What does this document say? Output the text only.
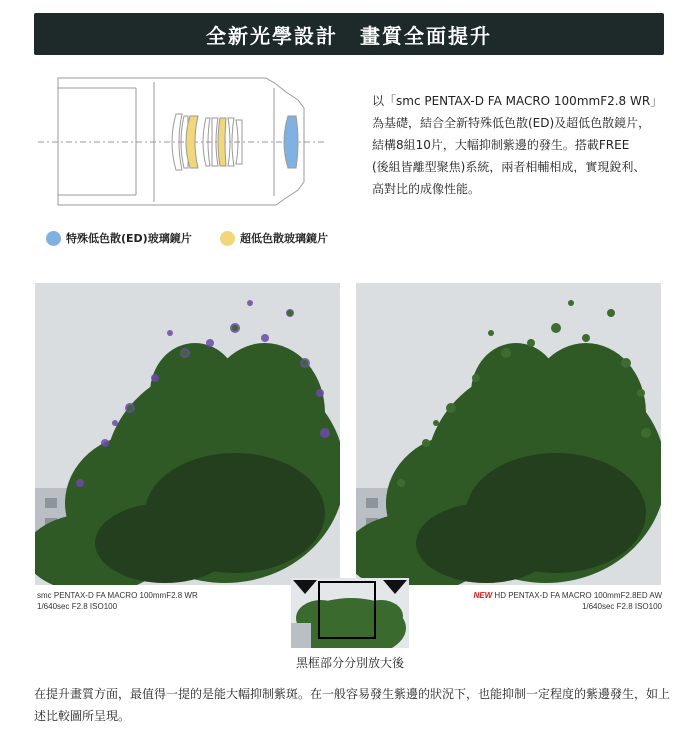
全新光學設計　畫質全面提升
特殊低色散(ED)玻璃鏡片	超低色散玻璃鏡片

以「smc PENTAX-D FA MACRO 100mmF2.8 WR」

為基礎，結合全新特殊低色散(ED)及超低色散鏡片，

結構8組10片，大幅抑制紫邊的發生。搭載FREE

(後組皆離型聚焦)系統，兩者相輔相成，實現銳利、

高對比的成像性能。

smc PENTAX-D FA MACRO 100mmF2.8 WR
1/640sec F2.8 ISO100
NEW HD PENTAX-D FA MACRO 100mmF2.8ED AW
1/640sec F2.8 ISO100
黑框部分分別放大後

在提升畫質方面，最值得一提的是能大幅抑制紫斑。在一般容易發生紫邊的狀況下，也能抑制一定程度的紫邊發生，如上述比較圖所呈現。
